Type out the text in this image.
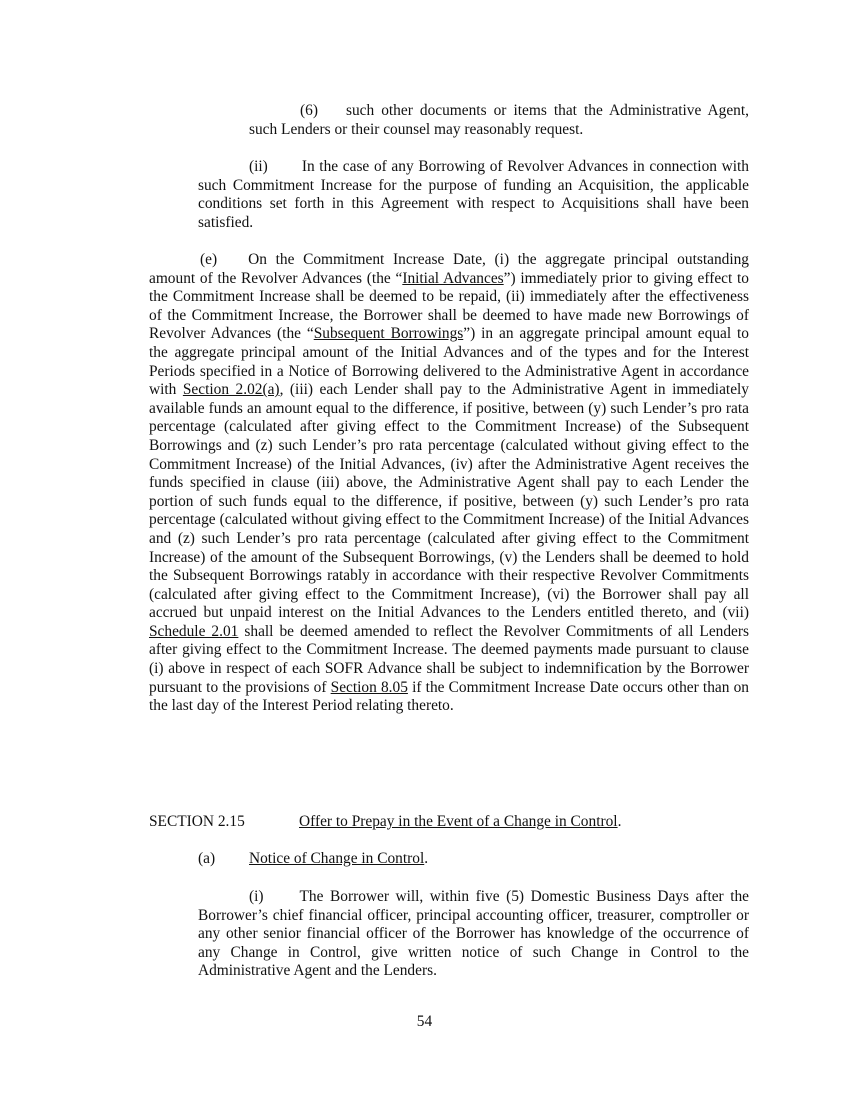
(6) such other documents or items that the Administrative Agent, such Lenders or their counsel may reasonably request.

(ii) In the case of any Borrowing of Revolver Advances in connection with such Commitment Increase for the purpose of funding an Acquisition, the applicable conditions set forth in this Agreement with respect to Acquisitions shall have been satisfied.

(e) On the Commitment Increase Date, (i) the aggregate principal outstanding amount of the Revolver Advances (the “Initial Advances”) immediately prior to giving effect to the Commitment Increase shall be deemed to be repaid, (ii) immediately after the effectiveness of the Commitment Increase, the Borrower shall be deemed to have made new Borrowings of Revolver Advances (the “Subsequent Borrowings”) in an aggregate principal amount equal to the aggregate principal amount of the Initial Advances and of the types and for the Interest Periods specified in a Notice of Borrowing delivered to the Administrative Agent in accordance with Section 2.02(a), (iii) each Lender shall pay to the Administrative Agent in immediately available funds an amount equal to the difference, if positive, between (y) such Lender’s pro rata percentage (calculated after giving effect to the Commitment Increase) of the Subsequent Borrowings and (z) such Lender’s pro rata percentage (calculated without giving effect to the Commitment Increase) of the Initial Advances, (iv) after the Administrative Agent receives the funds specified in clause (iii) above, the Administrative Agent shall pay to each Lender the portion of such funds equal to the difference, if positive, between (y) such Lender’s pro rata percentage (calculated without giving effect to the Commitment Increase) of the Initial Advances and (z) such Lender’s pro rata percentage (calculated after giving effect to the Commitment Increase) of the amount of the Subsequent Borrowings, (v) the Lenders shall be deemed to hold the Subsequent Borrowings ratably in accordance with their respective Revolver Commitments (calculated after giving effect to the Commitment Increase), (vi) the Borrower shall pay all accrued but unpaid interest on the Initial Advances to the Lenders entitled thereto, and (vii) Schedule 2.01 shall be deemed amended to reflect the Revolver Commitments of all Lenders after giving effect to the Commitment Increase. The deemed payments made pursuant to clause (i) above in respect of each SOFR Advance shall be subject to indemnification by the Borrower pursuant to the provisions of Section 8.05 if the Commitment Increase Date occurs other than on the last day of the Interest Period relating thereto.

SECTION 2.15	Offer to Prepay in the Event of a Change in Control.

(a) Notice of Change in Control.

(i) The Borrower will, within five (5) Domestic Business Days after the Borrower’s chief financial officer, principal accounting officer, treasurer, comptroller or any other senior financial officer of the Borrower has knowledge of the occurrence of any Change in Control, give written notice of such Change in Control to the Administrative Agent and the Lenders.

54
